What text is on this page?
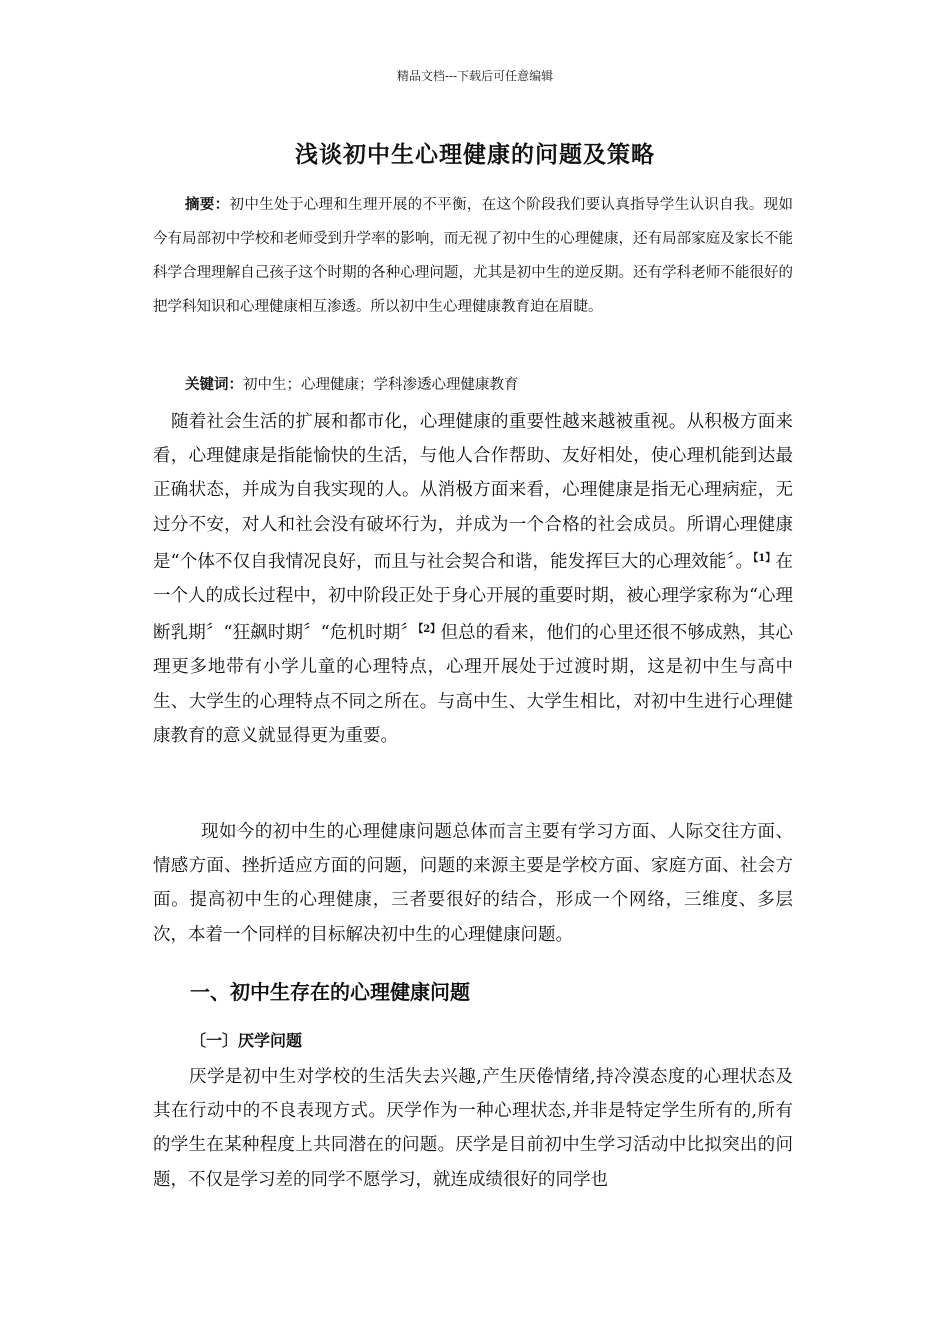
精品文档---下载后可任意编辑
浅谈初中生心理健康的问题及策略

摘要：初中生处于心理和生理开展的不平衡，在这个阶段我们要认真指导学生认识自我。现如今有局部初中学校和老师受到升学率的影响，而无视了初中生的心理健康，还有局部家庭及家长不能科学合理理解自己孩子这个时期的各种心理问题，尤其是初中生的逆反期。还有学科老师不能很好的把学科知识和心理健康相互渗透。所以初中生心理健康教育迫在眉睫。

关键词：初中生；心理健康；学科渗透心理健康教育

随着社会生活的扩展和都市化，心理健康的重要性越来越被重视。从积极方面来看，心理健康是指能愉快的生活，与他人合作帮助、友好相处，使心理机能到达最正确状态，并成为自我实现的人。从消极方面来看，心理健康是指无心理病症，无过分不安，对人和社会没有破坏行为，并成为一个合格的社会成员。所谓心理健康是“个体不仅自我情况良好，而且与社会契合和谐，能发挥巨大的心理效能〞。$^{【1】}$在一个人的成长过程中，初中阶段正处于身心开展的重要时期，被心理学家称为“心理断乳期〞“狂飙时期〞“危机时期〞$^{【2】}$但总的看来，他们的心里还很不够成熟，其心理更多地带有小学儿童的心理特点，心理开展处于过渡时期，这是初中生与高中生、大学生的心理特点不同之所在。与高中生、大学生相比，对初中生进行心理健康教育的意义就显得更为重要。

现如今的初中生的心理健康问题总体而言主要有学习方面、人际交往方面、情感方面、挫折适应方面的问题，问题的来源主要是学校方面、家庭方面、社会方面。提高初中生的心理健康，三者要很好的结合，形成一个网络，三维度、多层次，本着一个同样的目标解决初中生的心理健康问题。

一、初中生存在的心理健康问题
〔一〕厌学问题

厌学是初中生对学校的生活失去兴趣,产生厌倦情绪,持冷漠态度的心理状态及其在行动中的不良表现方式。厌学作为一种心理状态,并非是特定学生所有的,所有的学生在某种程度上共同潜在的问题。厌学是目前初中生学习活动中比拟突出的问题，不仅是学习差的同学不愿学习，就连成绩很好的同学也
